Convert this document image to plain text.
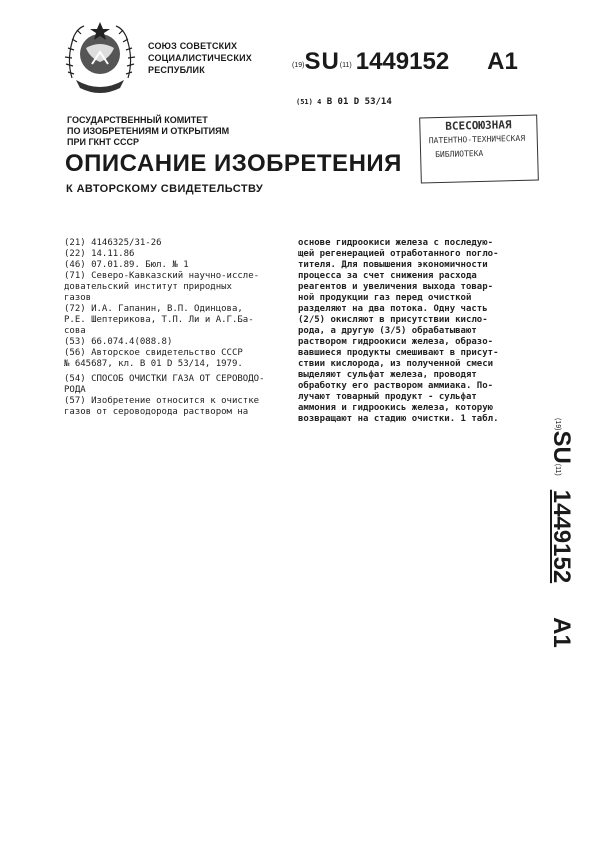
СОЮЗ СОВЕТСКИХ
СОЦИАЛИСТИЧЕСКИХ
РЕСПУБЛИК	(19)SU(11) 1449152 A1
(51) 4 B 01 D 53/14
ГОСУДАРСТВЕННЫЙ КОМИТЕТ
ПО ИЗОБРЕТЕНИЯМ И ОТКРЫТИЯМ
ПРИ ГКНТ СССР
ВСЕСОЮЗНАЯ
ПАТЕНТНО-ТЕХНИЧЕСКАЯ
БИБЛИОТЕКА
ОПИСАНИЕ ИЗОБРЕТЕНИЯ
К АВТОРСКОМУ СВИДЕТЕЛЬСТВУ
(21) 4146325/31-26
(22) 14.11.86
(46) 07.01.89. Бюл. № 1
(71) Северо-Кавказский научно-иссле-
довательский институт природных
газов
(72) И.А. Гапанин, В.П. Одинцова,
Р.Е. Шептерикова, Т.П. Ли и А.Г.Ба-
сова
(53) 66.074.4(088.8)
(56) Авторское свидетельство СССР
№ 645687, кл. В 01 D 53/14, 1979.
(54) СПОСОБ ОЧИСТКИ ГАЗА ОТ СЕРОВОДО-
РОДА
(57) Изобретение относится к очистке
газов от сероводорода раствором на
основе гидроокиси железа с последую-
щей регенерацией отработанного погло-
тителя. Для повышения экономичности
процесса за счет снижения расхода
реагентов и увеличения выхода товар-
ной продукции газ перед очисткой
разделяют на два потока. Одну часть
(2/5) окисляют в присутствии кисло-
рода, а другую (3/5) обрабатывают
раствором гидроокиси железа, образо-
вавшиеся продукты смешивают в присут-
ствии кислорода, из полученной смеси
выделяют сульфат железа, проводят
обработку его раствором аммиака. По-
лучают товарный продукт - сульфат
аммония и гидроокись железа, которую
возвращают на стадию очистки. 1 табл.	(19)SU(11)1449152A1
